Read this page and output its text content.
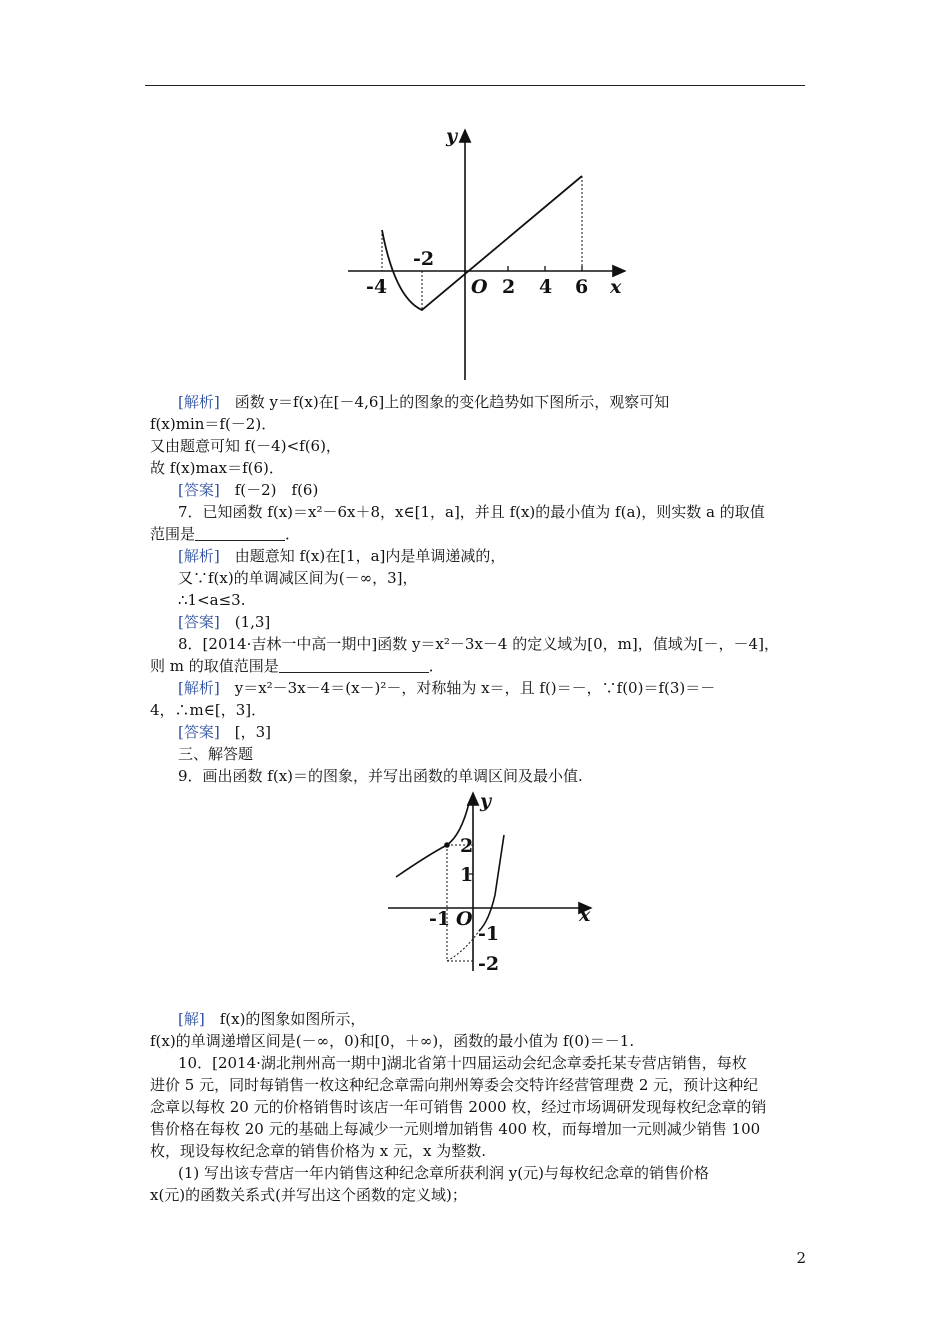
y
x
O
-4
-2
2 4 6
[解析]　函数 y＝f(x)在[－4,6]上的图象的变化趋势如下图所示，观察可知
f(x)min＝f(－2)．
又由题意可知 f(－4)<f(6)，
故 f(x)max＝f(6)．
[答案]　f(－2)　f(6)
7．已知函数 f(x)＝x²－6x＋8，x∈[1，a]，并且 f(x)的最小值为 f(a)，则实数 a 的取值
范围是	．
[解析]　由题意知 f(x)在[1，a]内是单调递减的，
又∵f(x)的单调减区间为(－∞，3]，
∴1<a≤3.
[答案]　(1,3]
8．[2014·吉林一中高一期中]函数 y＝x²－3x－4 的定义域为[0，m]，值域为[－，－4]，
则 m 的取值范围是	．
[解析]　y＝x²－3x－4＝(x－)²－，对称轴为 x＝，且 f()＝－，∵f(0)＝f(3)＝－
4，∴m∈[，3]．
[答案]　[，3]
三、解答题
9．画出函数 f(x)＝的图象，并写出函数的单调区间及最小值.
y
x
O
2
1
-1
-1
-2
[解]　f(x)的图象如图所示，
f(x)的单调递增区间是(－∞，0)和[0，＋∞)，函数的最小值为 f(0)＝－1.
10．[2014·湖北荆州高一期中]湖北省第十四届运动会纪念章委托某专营店销售，每枚
进价 5 元，同时每销售一枚这种纪念章需向荆州筹委会交特许经营管理费 2 元，预计这种纪
念章以每枚 20 元的价格销售时该店一年可销售 2000 枚，经过市场调研发现每枚纪念章的销
售价格在每枚 20 元的基础上每减少一元则增加销售 400 枚，而每增加一元则减少销售 100
枚，现设每枚纪念章的销售价格为 x 元，x 为整数.
(1) 写出该专营店一年内销售这种纪念章所获利润 y(元)与每枚纪念章的销售价格
x(元)的函数关系式(并写出这个函数的定义域)；
2
